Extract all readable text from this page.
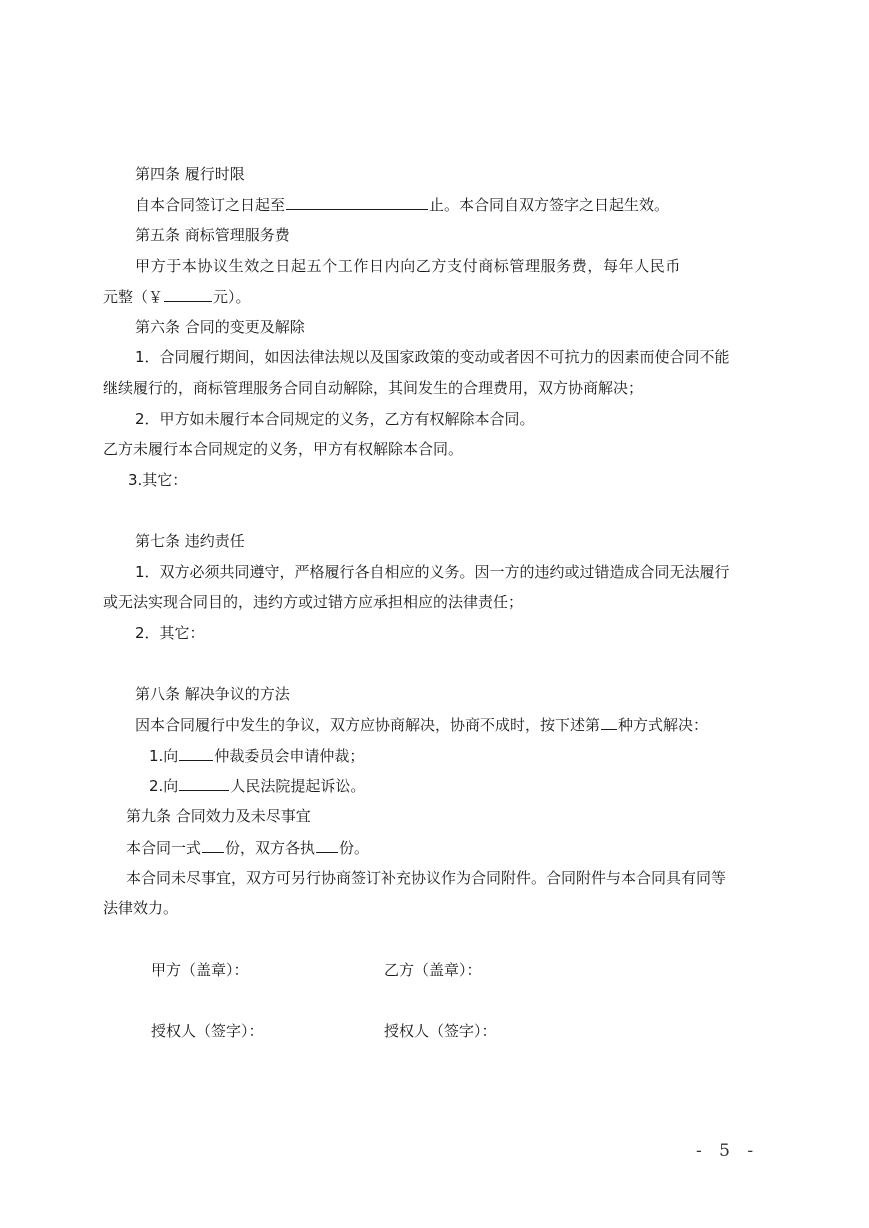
第四条 履行时限
自本合同签订之日起至	止。本合同自双方签字之日起生效。
第五条 商标管理服务费
甲方于本协议生效之日起五个工作日内向乙方支付商标管理服务费，每年人民币
元整（￥	元）。
第六条 合同的变更及解除
1．合同履行期间，如因法律法规以及国家政策的变动或者因不可抗力的因素而使合同不能
继续履行的，商标管理服务合同自动解除，其间发生的合理费用，双方协商解决；
2．甲方如未履行本合同规定的义务，乙方有权解除本合同。
乙方未履行本合同规定的义务，甲方有权解除本合同。
3.其它：
第七条 违约责任
1．双方必须共同遵守，严格履行各自相应的义务。因一方的违约或过错造成合同无法履行
或无法实现合同目的，违约方或过错方应承担相应的法律责任；
2．其它：
第八条 解决争议的方法
因本合同履行中发生的争议，双方应协商解决，协商不成时，按下述第 种方式解决：
1.向 仲裁委员会申请仲裁；
2.向	人民法院提起诉讼。
第九条 合同效力及未尽事宜
本合同一式 份，双方各执 份。
本合同未尽事宜，双方可另行协商签订补充协议作为合同附件。合同附件与本合同具有同等
法律效力。
甲方（盖章）：	乙方（盖章）：
授权人（签字）：	授权人（签字）：
- 5 -
